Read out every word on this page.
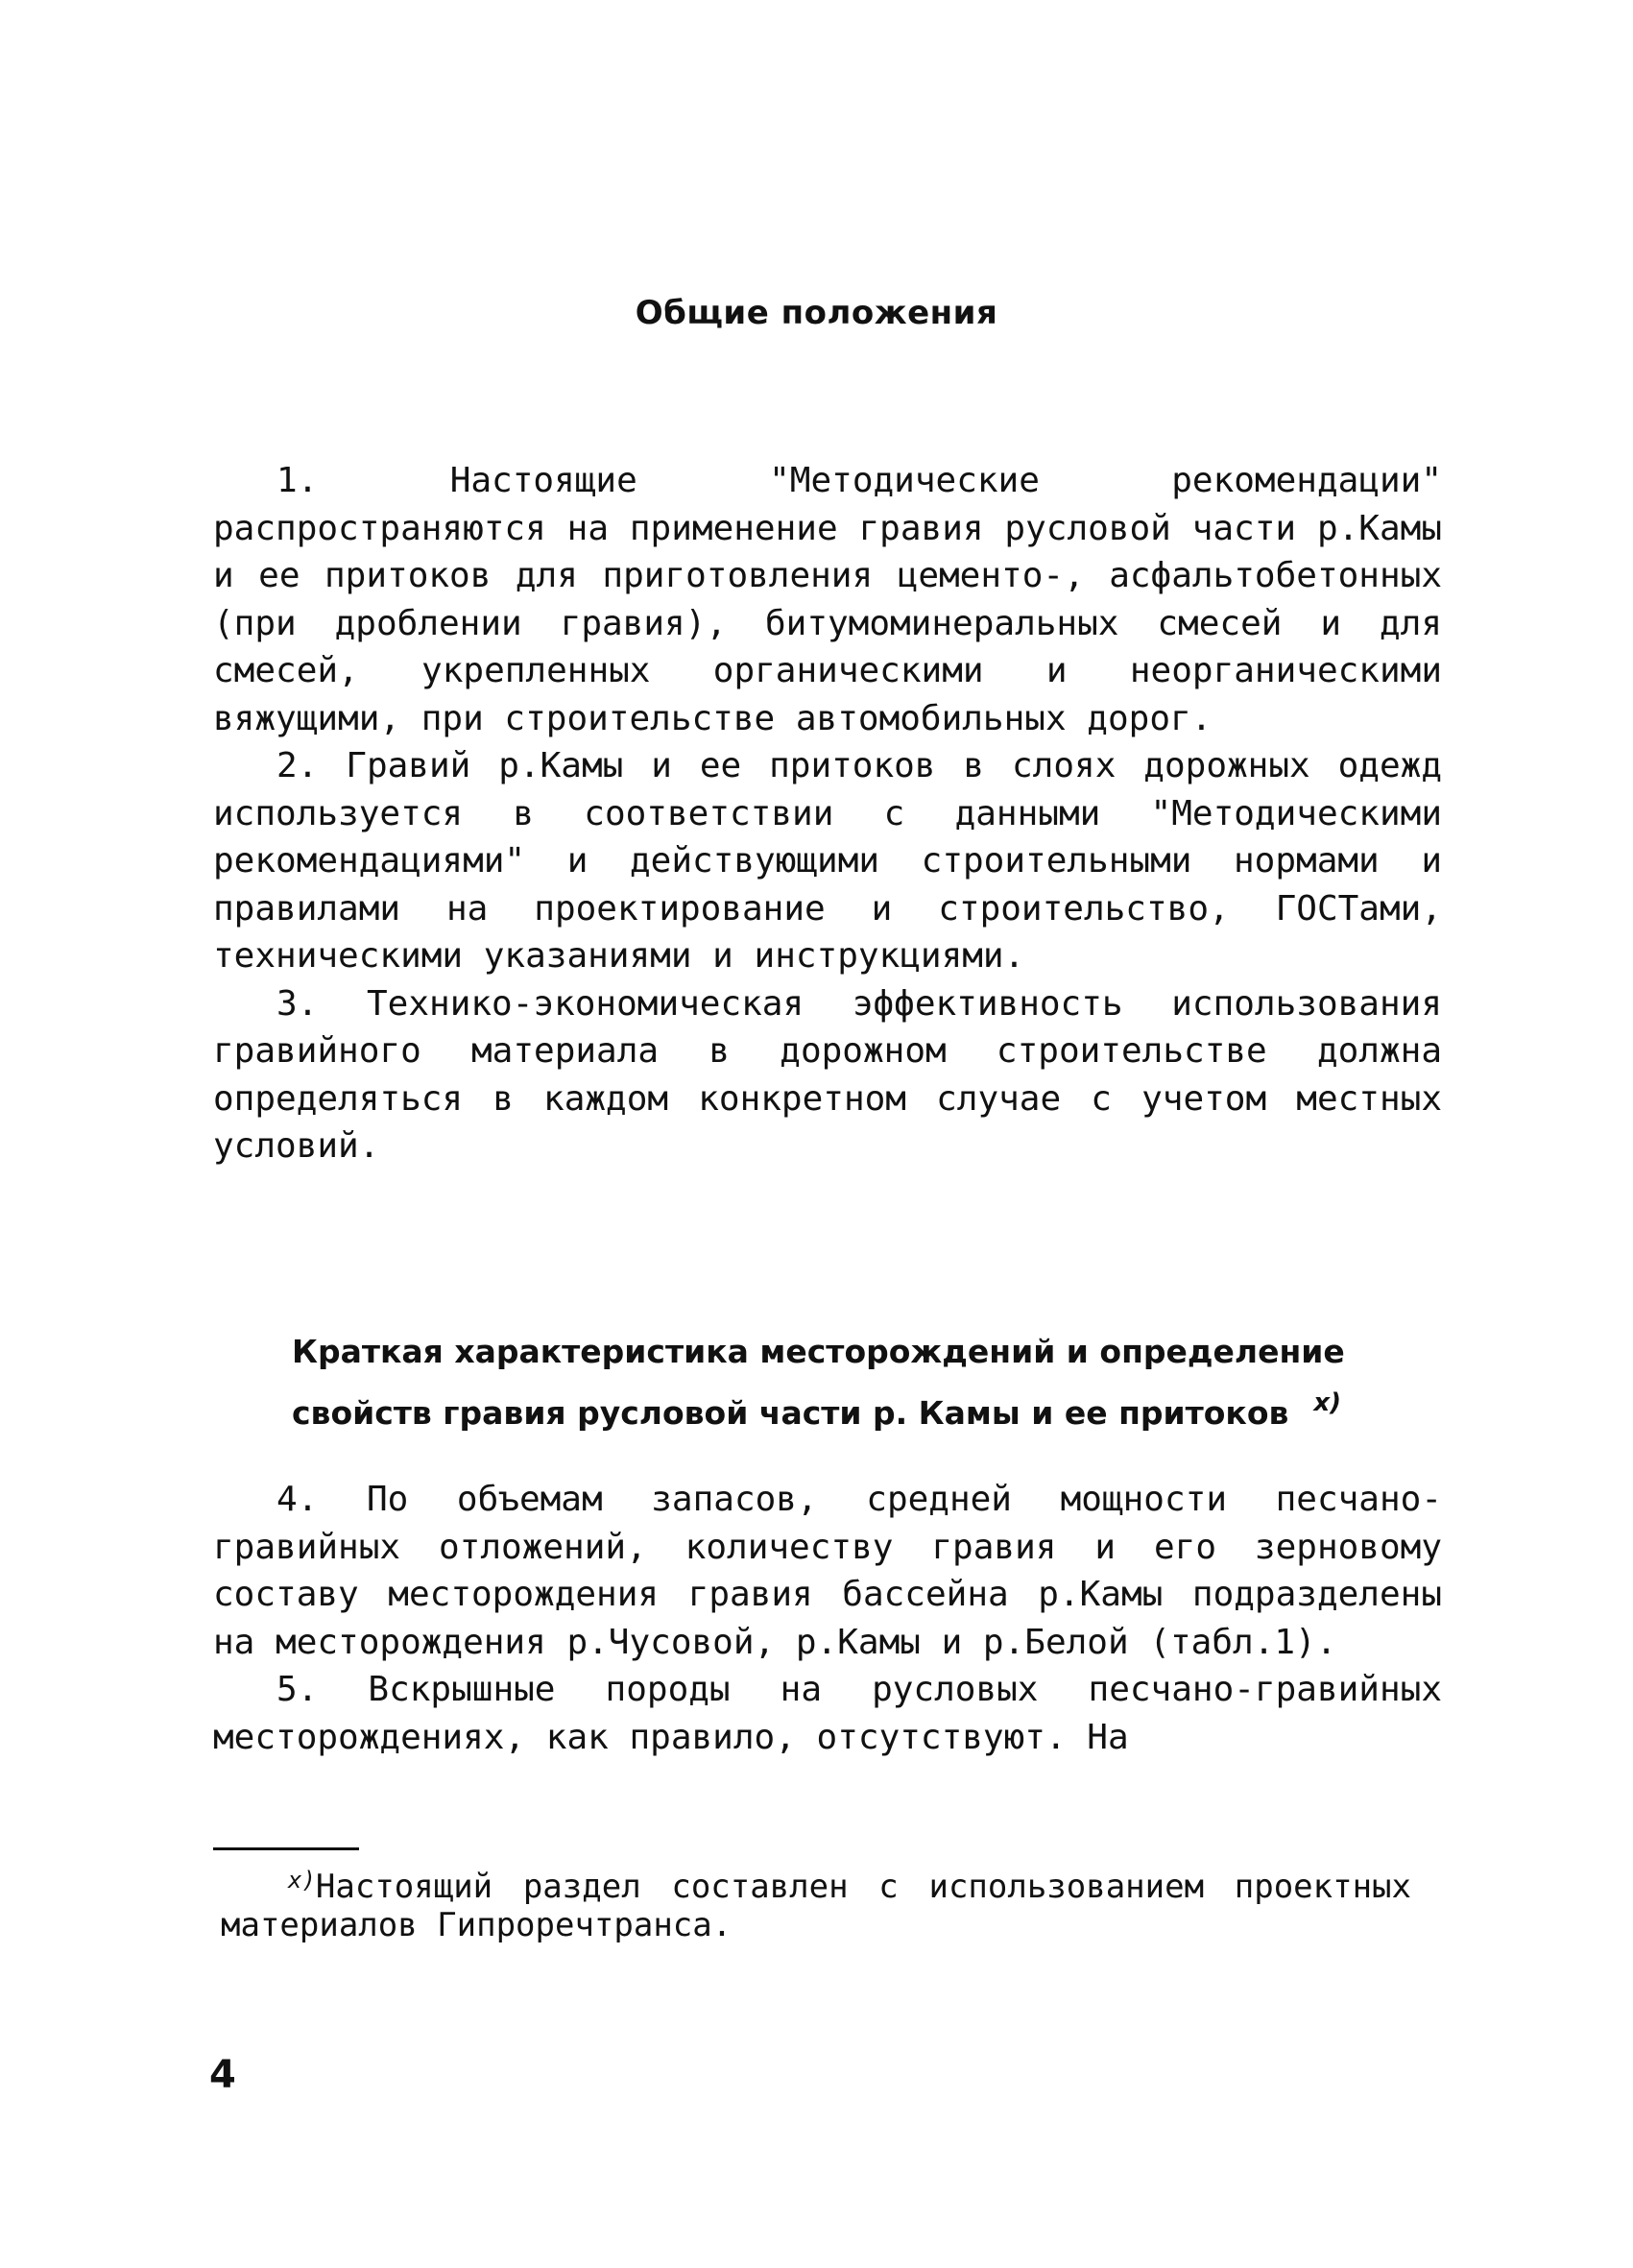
Общие положения

1. Настоящие "Методические рекомендации" распространяются на применение гравия русловой части р.Камы и ее притоков для приготовления цементо-, асфальтобетонных (при дроблении гравия), битумоминеральных смесей и для смесей, укрепленных органическими и неорганическими вяжущими, при строительстве автомобильных дорог.

2. Гравий р.Камы и ее притоков в слоях дорожных одежд используется в соответствии с данными "Методическими рекомендациями" и действующими строительными нормами и правилами на проектирование и строительство, ГОСТами, техническими указаниями и инструкциями.

3. Технико-экономическая эффективность использования гравийного материала в дорожном строительстве должна определяться в каждом конкретном случае с учетом местных условий.

Краткая характеристика месторождений и определение
свойств гравия русловой части р. Камы и ее притоков $^{x)}$

4. По объемам запасов, средней мощности песчано-гравийных отложений, количеству гравия и его зерновому составу месторождения гравия бассейна р.Камы подразделены на месторождения р.Чусовой, р.Камы и р.Белой (табл.1).

5. Вскрышные породы на русловых песчано-гравийных месторождениях, как правило, отсутствуют. На

$^{x)}$Настоящий раздел составлен с использованием проектных материалов Гипроречтранса.

4
